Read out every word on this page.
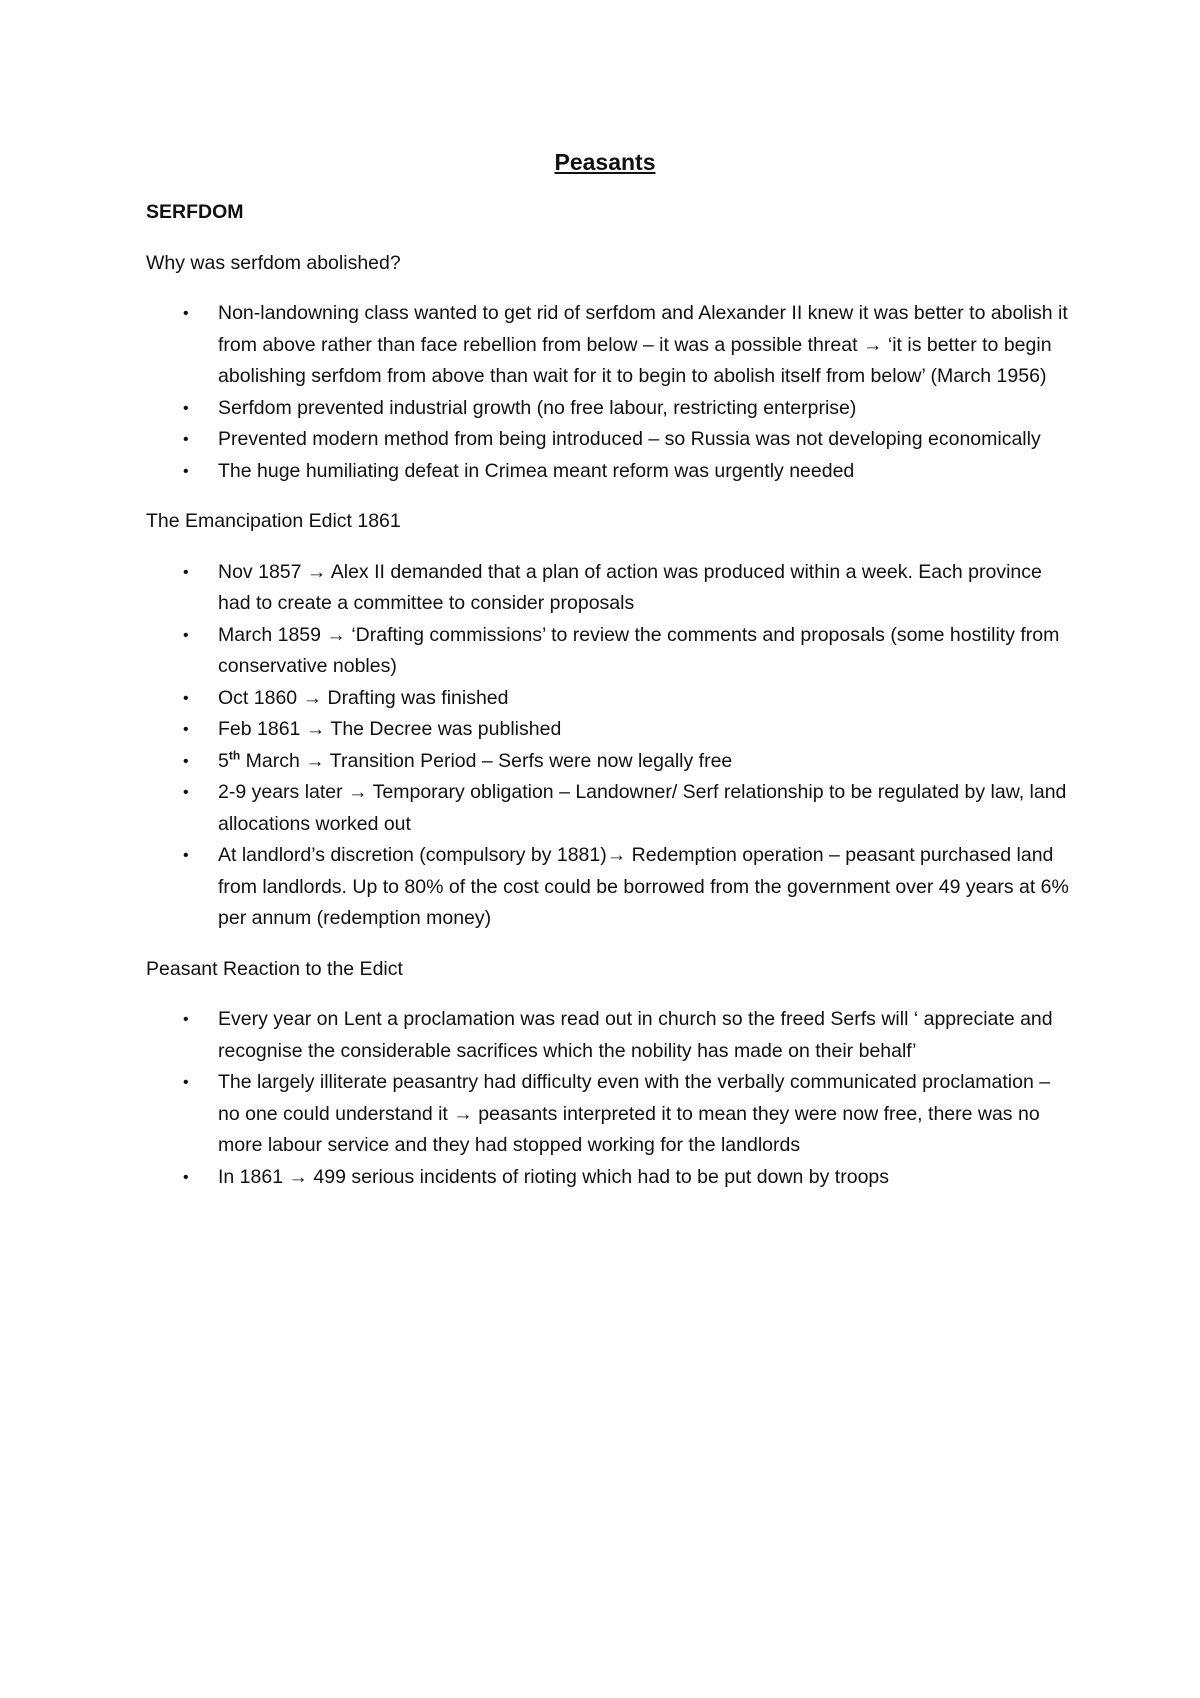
Peasants
SERFDOM
Why was serfdom abolished?
• Non-landowning class wanted to get rid of serfdom and Alexander II knew it was better to abolish it from above rather than face rebellion from below – it was a possible threat → ‘it is better to begin abolishing serfdom from above than wait for it to begin to abolish itself from below’ (March 1956)
• Serfdom prevented industrial growth (no free labour, restricting enterprise)
• Prevented modern method from being introduced – so Russia was not developing economically
• The huge humiliating defeat in Crimea meant reform was urgently needed
The Emancipation Edict 1861
• Nov 1857 → Alex II demanded that a plan of action was produced within a week. Each province had to create a committee to consider proposals
• March 1859 → ‘Drafting commissions’ to review the comments and proposals (some hostility from conservative nobles)
• Oct 1860 → Drafting was finished
• Feb 1861 → The Decree was published
• 5th March → Transition Period – Serfs were now legally free
• 2-9 years later → Temporary obligation – Landowner/ Serf relationship to be regulated by law, land allocations worked out
• At landlord’s discretion (compulsory by 1881)→ Redemption operation – peasant purchased land from landlords. Up to 80% of the cost could be borrowed from the government over 49 years at 6% per annum (redemption money)
Peasant Reaction to the Edict
• Every year on Lent a proclamation was read out in church so the freed Serfs will ‘ appreciate and recognise the considerable sacrifices which the nobility has made on their behalf’
• The largely illiterate peasantry had difficulty even with the verbally communicated proclamation – no one could understand it → peasants interpreted it to mean they were now free, there was no more labour service and they had stopped working for the landlords
• In 1861 → 499 serious incidents of rioting which had to be put down by troops
